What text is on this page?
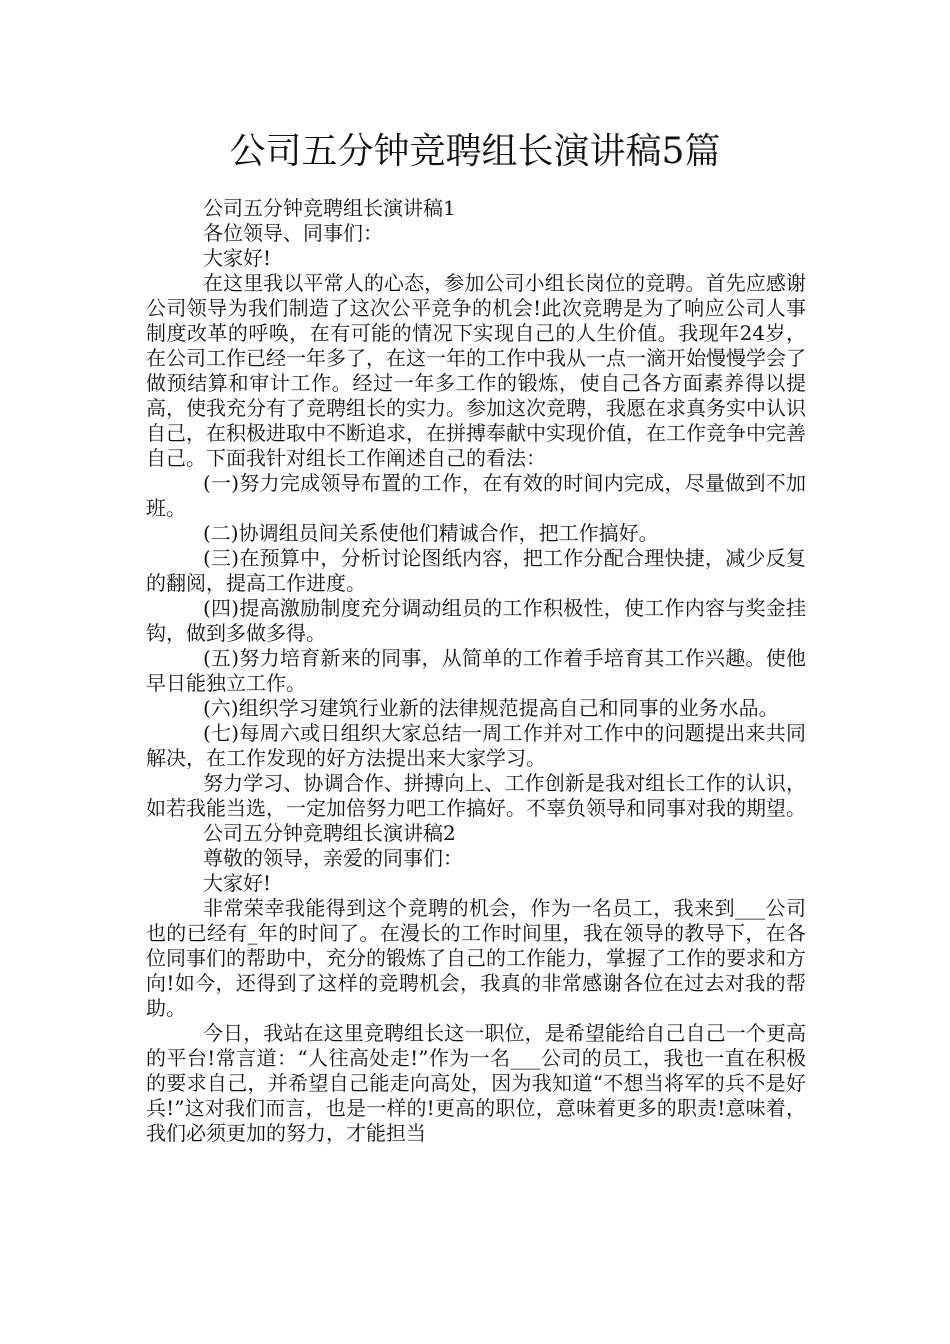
公司五分钟竞聘组长演讲稿5篇

公司五分钟竞聘组长演讲稿1

各位领导、同事们：

大家好!

在这里我以平常人的心态，参加公司小组长岗位的竞聘。首先应感谢公司领导为我们制造了这次公平竞争的机会!此次竞聘是为了响应公司人事制度改革的呼唤，在有可能的情况下实现自己的人生价值。我现年24岁，在公司工作已经一年多了，在这一年的工作中我从一点一滴开始慢慢学会了做预结算和审计工作。经过一年多工作的锻炼，使自己各方面素养得以提高，使我充分有了竞聘组长的实力。参加这次竞聘，我愿在求真务实中认识自己，在积极进取中不断追求，在拼搏奉献中实现价值，在工作竞争中完善自己。下面我针对组长工作阐述自己的看法：

(一)努力完成领导布置的工作，在有效的时间内完成，尽量做到不加班。

(二)协调组员间关系使他们精诚合作，把工作搞好。

(三)在预算中，分析讨论图纸内容，把工作分配合理快捷，减少反复的翻阅，提高工作进度。

(四)提高激励制度充分调动组员的工作积极性，使工作内容与奖金挂钩，做到多做多得。

(五)努力培育新来的同事，从简单的工作着手培育其工作兴趣。使他早日能独立工作。

(六)组织学习建筑行业新的法律规范提高自己和同事的业务水品。

(七)每周六或日组织大家总结一周工作并对工作中的问题提出来共同解决，在工作发现的好方法提出来大家学习。

努力学习、协调合作、拼搏向上、工作创新是我对组长工作的认识，如若我能当选，一定加倍努力吧工作搞好。不辜负领导和同事对我的期望。

公司五分钟竞聘组长演讲稿2

尊敬的领导，亲爱的同事们：

大家好!

非常荣幸我能得到这个竞聘的机会，作为一名员工，我来到___公司也的已经有_年的时间了。在漫长的工作时间里，我在领导的教导下，在各位同事们的帮助中，充分的锻炼了自己的工作能力，掌握了工作的要求和方向!如今，还得到了这样的竞聘机会，我真的非常感谢各位在过去对我的帮助。

今日，我站在这里竞聘组长这一职位，是希望能给自己自己一个更高的平台!常言道：“人往高处走!”作为一名___公司的员工，我也一直在积极的要求自己，并希望自己能走向高处，因为我知道“不想当将军的兵不是好兵!”这对我们而言，也是一样的!更高的职位，意味着更多的职责!意味着，我们必须更加的努力，才能担当
